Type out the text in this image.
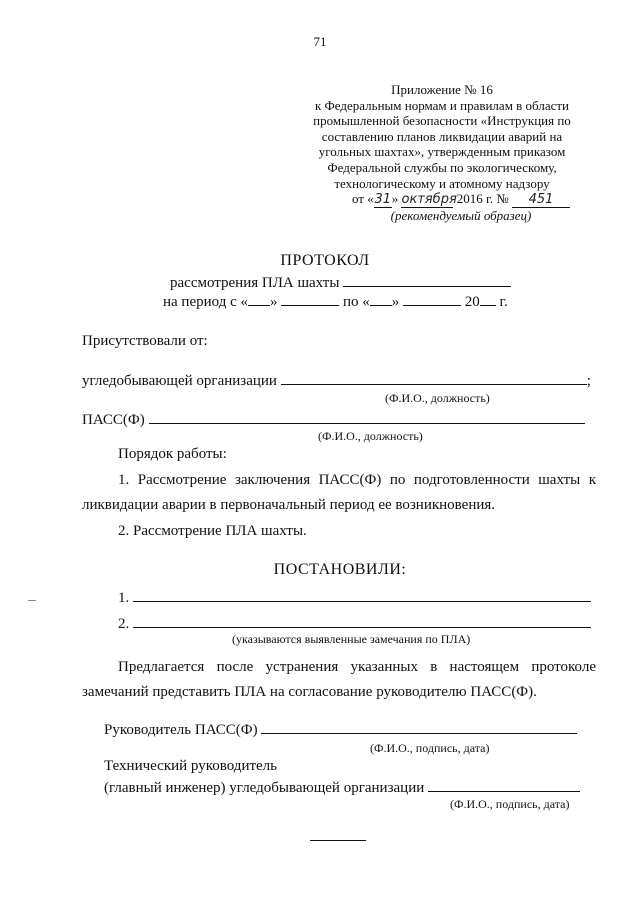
71
Приложение № 16
к Федеральным нормам и правилам в области
промышленной безопасности «Инструкция по
составлению планов ликвидации аварий на
угольных шахтах», утвержденным приказом
Федеральной службы по экологическому,
технологическому и атомному надзору
от «31» октября 2016 г. № 451
(рекомендуемый образец)
ПРОТОКОЛ
рассмотрения ПЛА шахты
на период с « »	по « »	20 г.
Присутствовали от:
угледобывающей организации	;
(Ф.И.О., должность)
ПАСС(Ф)
(Ф.И.О., должность)
Порядок работы:
1. Рассмотрение заключения ПАСС(Ф) по подготовленности шахты к ликвидации аварии в первоначальный период ее возникновения.
2. Рассмотрение ПЛА шахты.
ПОСТАНОВИЛИ:
1.
2.
(указываются выявленные замечания по ПЛА)
Предлагается после устранения указанных в настоящем протоколе замечаний представить ПЛА на согласование руководителю ПАСС(Ф).
Руководитель ПАСС(Ф)
(Ф.И.О., подпись, дата)
Технический руководитель
(главный инженер) угледобывающей организации
(Ф.И.О., подпись, дата)
